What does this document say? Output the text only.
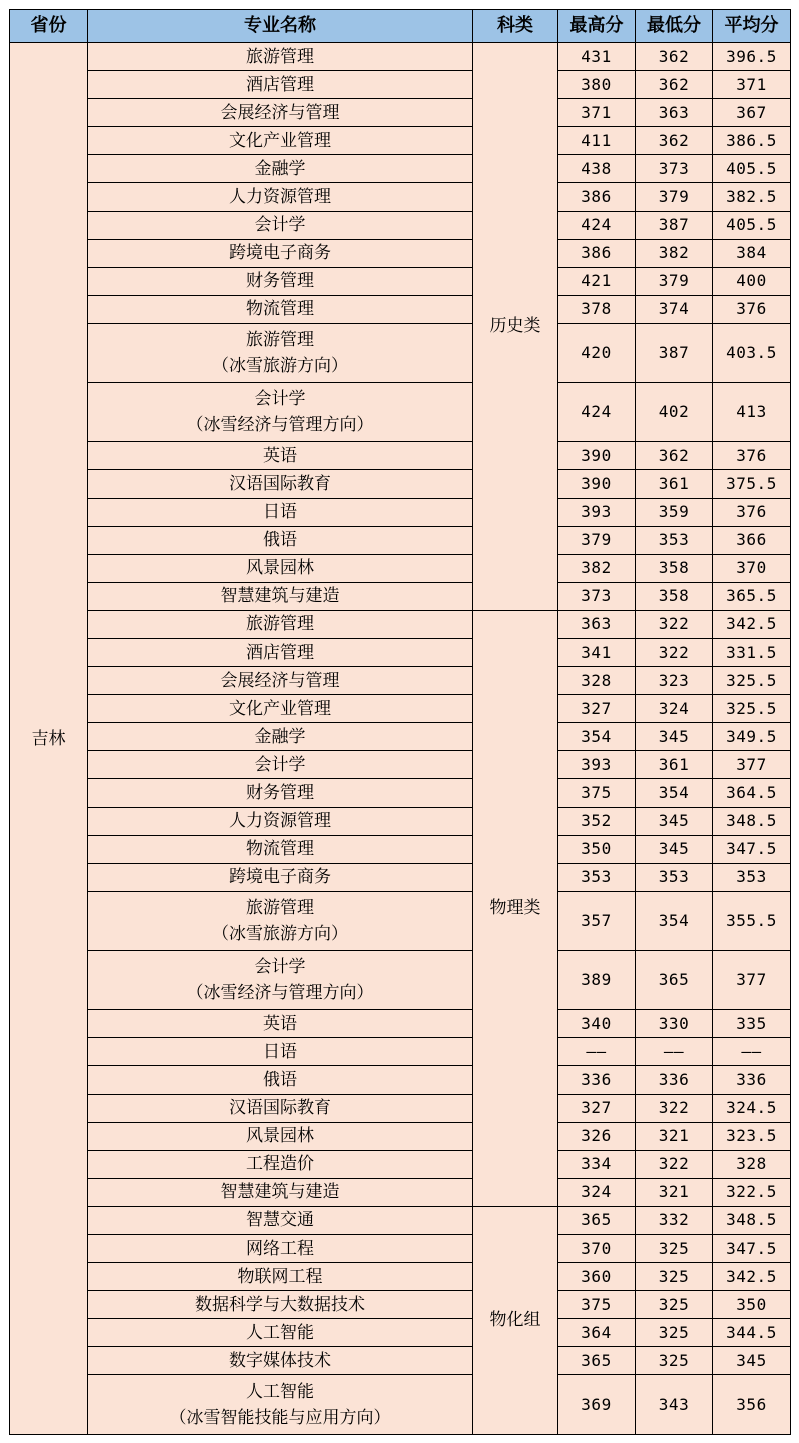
省份	专业名称	科类	最高分	最低分	平均分
吉林	旅游管理	历史类	431	362	396.5
	酒店管理		380	362	371
	会展经济与管理		371	363	367
	文化产业管理		411	362	386.5
	金融学		438	373	405.5
	人力资源管理		386	379	382.5
	会计学		424	387	405.5
	跨境电子商务		386	382	384
	财务管理		421	379	400
	物流管理		378	374	376

	旅游管理
（冰雪旅游方向）		420	387	403.5

	会计学
（冰雪经济与管理方向）		424	402	413
	英语		390	362	376
	汉语国际教育		390	361	375.5
	日语		393	359	376
	俄语		379	353	366
	风景园林		382	358	370
	智慧建筑与建造		373	358	365.5
	旅游管理	物理类	363	322	342.5
	酒店管理		341	322	331.5
	会展经济与管理		328	323	325.5
	文化产业管理		327	324	325.5
	金融学		354	345	349.5
	会计学		393	361	377
	财务管理		375	354	364.5
	人力资源管理		352	345	348.5
	物流管理		350	345	347.5
	跨境电子商务		353	353	353

	旅游管理
（冰雪旅游方向）		357	354	355.5

	会计学
（冰雪经济与管理方向）		389	365	377
	英语		340	330	335
	日语		——	——	——
	俄语		336	336	336
	汉语国际教育		327	322	324.5
	风景园林		326	321	323.5
	工程造价		334	322	328
	智慧建筑与建造		324	321	322.5
	智慧交通	物化组	365	332	348.5
	网络工程		370	325	347.5
	物联网工程		360	325	342.5
	数据科学与大数据技术		375	325	350
	人工智能		364	325	344.5
	数字媒体技术		365	325	345

	人工智能
（冰雪智能技能与应用方向）		369	343	356
